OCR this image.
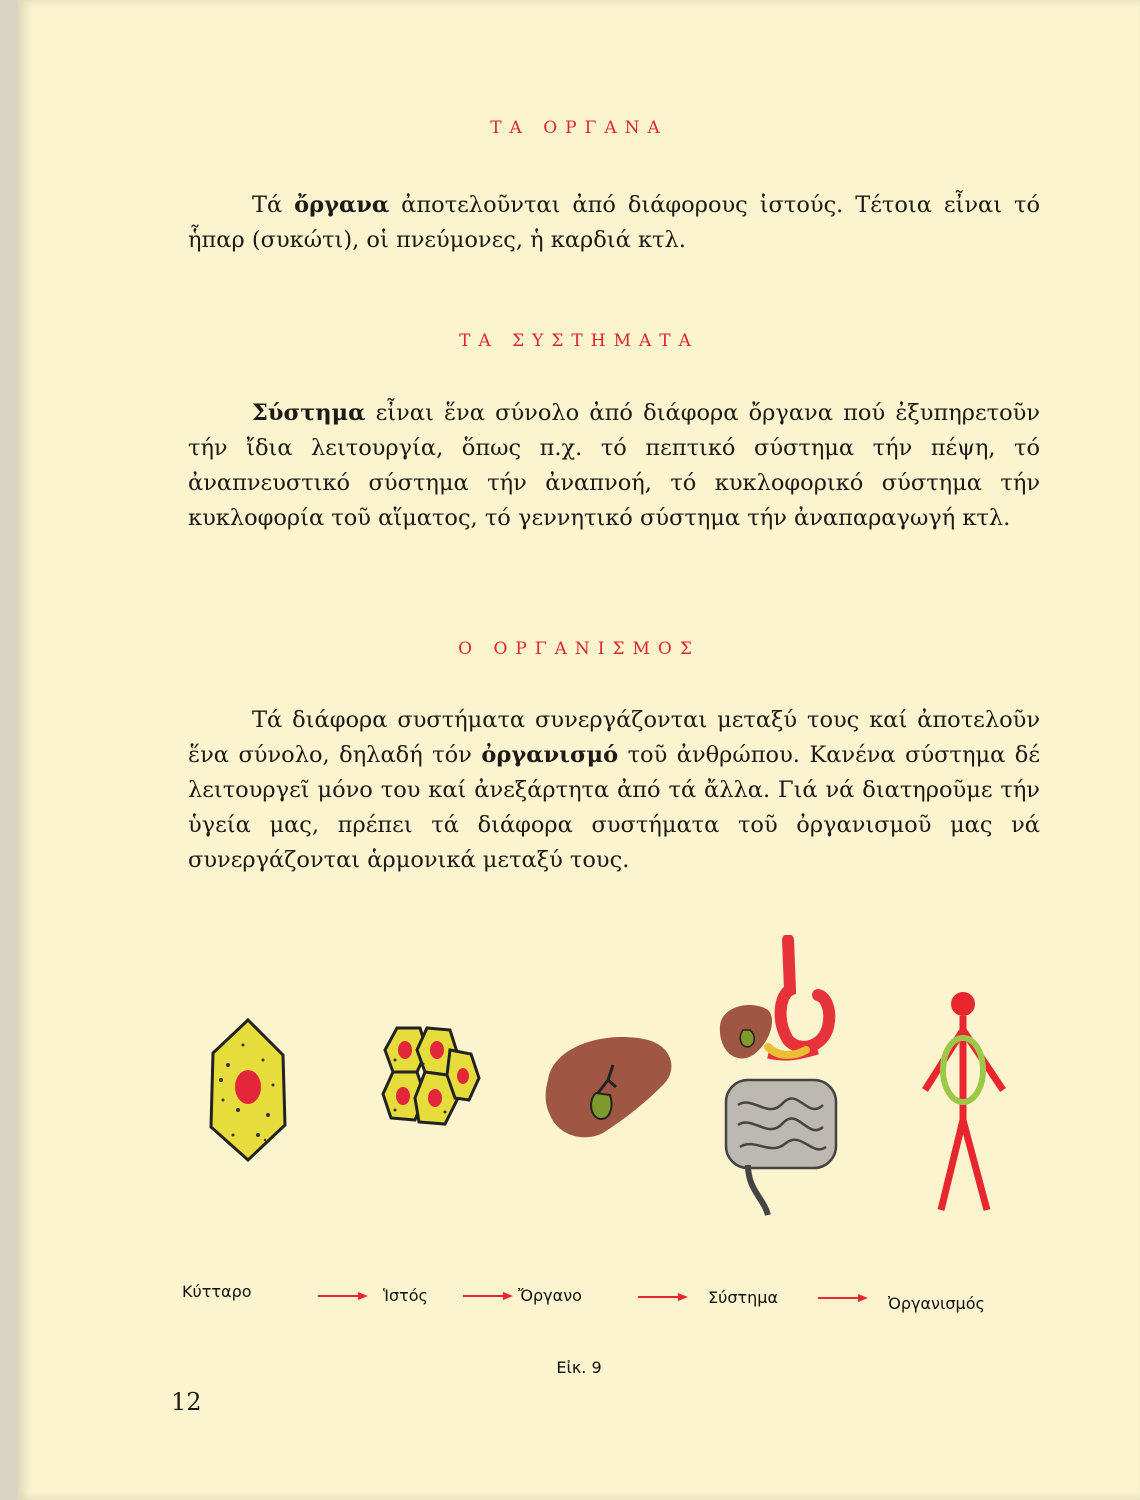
ΤΑ ΟΡΓΑΝΑ

Τά ὄργανα ἀποτελοῦνται ἀπό διάφορους ἱστούς. Τέτοια εἶναι τό ἧπαρ (συκώτι), οἱ πνεύμονες, ἡ καρδιά κτλ.

ΤΑ ΣΥΣΤΗΜΑΤΑ

Σύστημα εἶναι ἕνα σύνολο ἀπό διάφορα ὄργανα πού ἐξυπηρετοῦν τήν ἴδια λειτουργία, ὅπως π.χ. τό πεπτικό σύστημα τήν πέψη, τό ἀναπνευστικό σύστημα τήν ἀναπνοή, τό κυκλοφορικό σύστημα τήν κυκλοφορία τοῦ αἵματος, τό γεννητικό σύστημα τήν ἀναπαραγωγή κτλ.

Ο ΟΡΓΑΝΙΣΜΟΣ

Τά διάφορα συστήματα συνεργάζονται μεταξύ τους καί ἀποτελοῦν ἕνα σύνολο, δηλαδή τόν ὀργανισμό τοῦ ἀνθρώπου. Κανένα σύστημα δέ λειτουργεῖ μόνο του καί ἀνεξάρτητα ἀπό τά ἄλλα. Γιά νά διατηροῦμε τήν ὑγεία μας, πρέπει τά διάφορα συστήματα τοῦ ὀργανισμοῦ μας νά συνεργάζονται ἁρμονικά μεταξύ τους.

Κύτταρο	Ἱστός	Ὄργανο	Σύστημα	Ὀργανισμός
Εἰκ. 9
12
